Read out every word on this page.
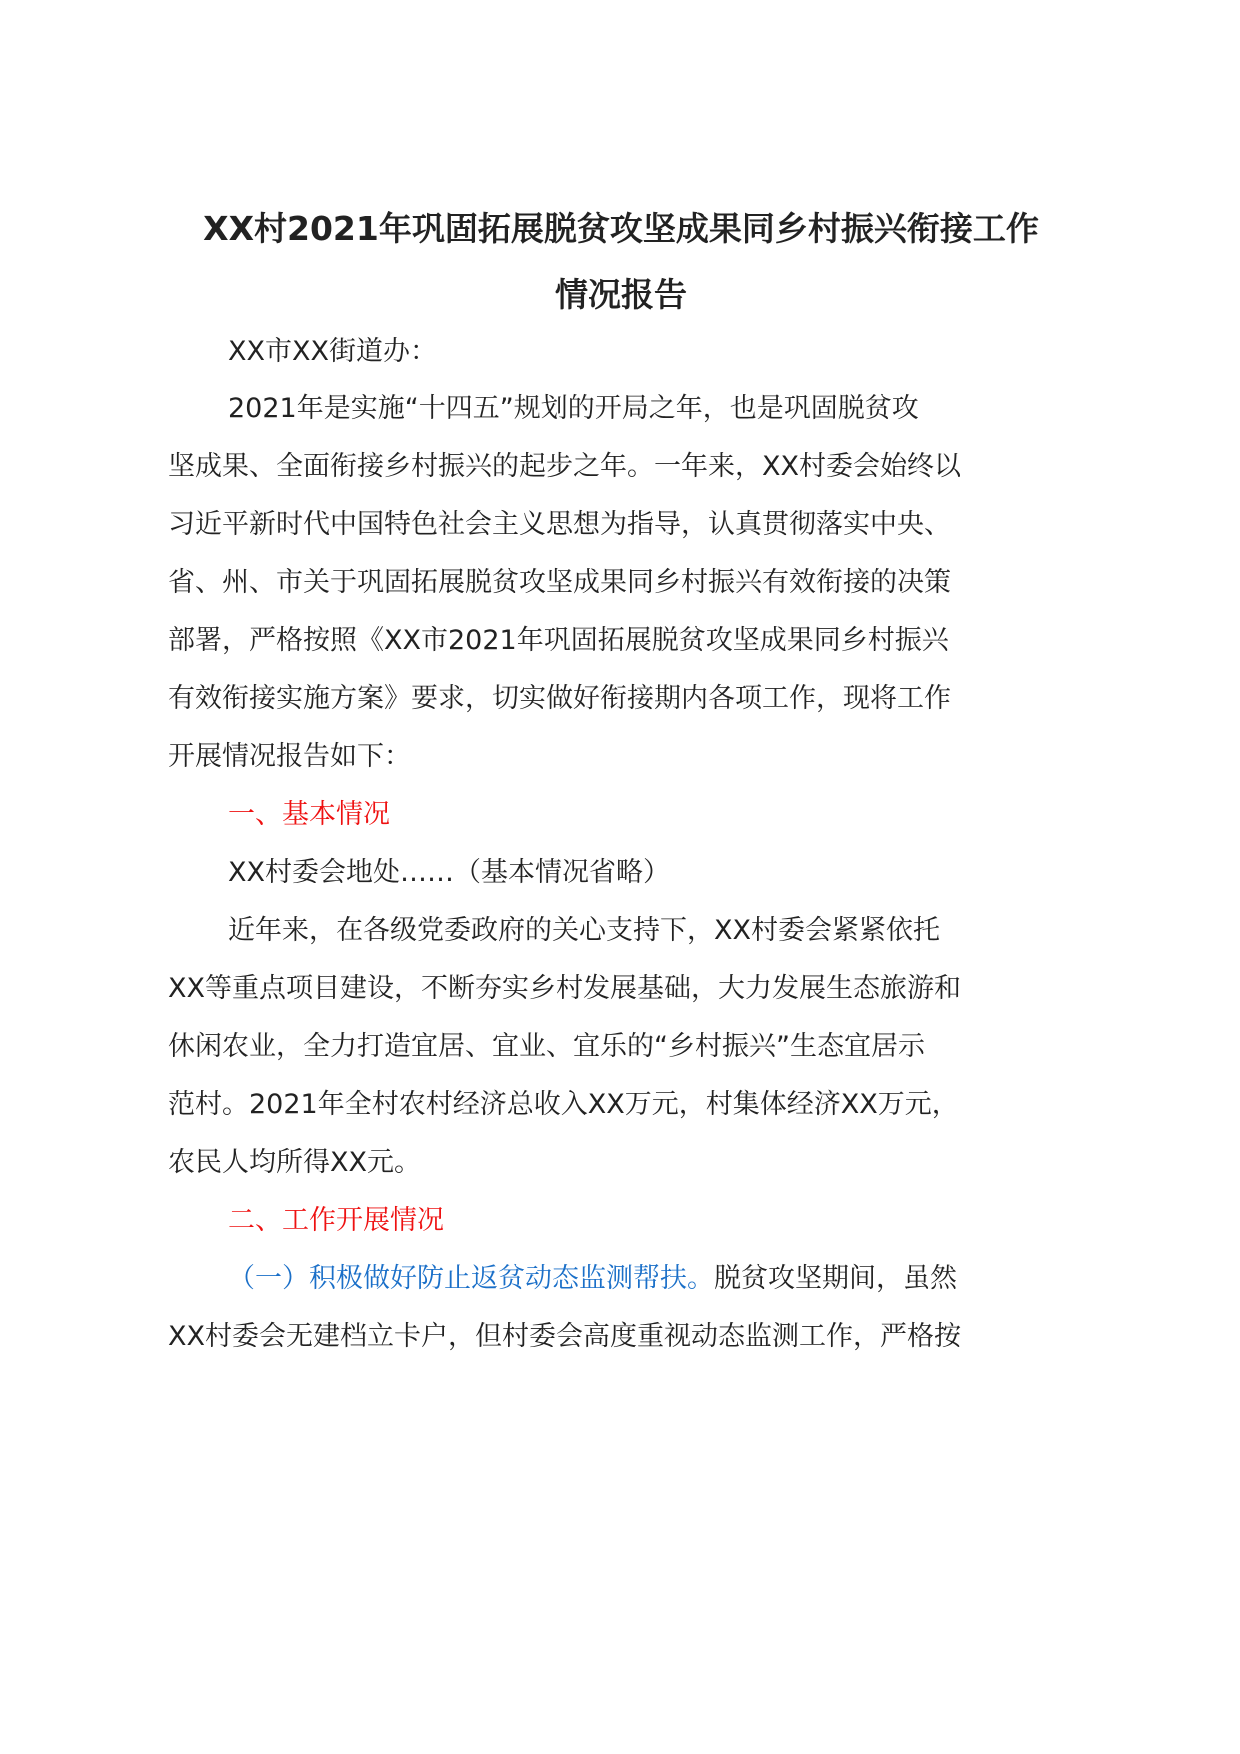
XX村2021年巩固拓展脱贫攻坚成果同乡村振兴衔接工作
情况报告
XX市XX街道办：
2021年是实施“十四五”规划的开局之年，也是巩固脱贫攻
坚成果、全面衔接乡村振兴的起步之年。一年来，XX村委会始终以
习近平新时代中国特色社会主义思想为指导，认真贯彻落实中央、
省、州、市关于巩固拓展脱贫攻坚成果同乡村振兴有效衔接的决策
部署，严格按照《XX市2021年巩固拓展脱贫攻坚成果同乡村振兴
有效衔接实施方案》要求，切实做好衔接期内各项工作，现将工作
开展情况报告如下：
一、基本情况
XX村委会地处……（基本情况省略）
近年来，在各级党委政府的关心支持下，XX村委会紧紧依托
XX等重点项目建设，不断夯实乡村发展基础，大力发展生态旅游和
休闲农业，全力打造宜居、宜业、宜乐的“乡村振兴”生态宜居示
范村。2021年全村农村经济总收入XX万元，村集体经济XX万元，
农民人均所得XX元。
二、工作开展情况
（一）积极做好防止返贫动态监测帮扶。脱贫攻坚期间，虽然
XX村委会无建档立卡户，但村委会高度重视动态监测工作，严格按
